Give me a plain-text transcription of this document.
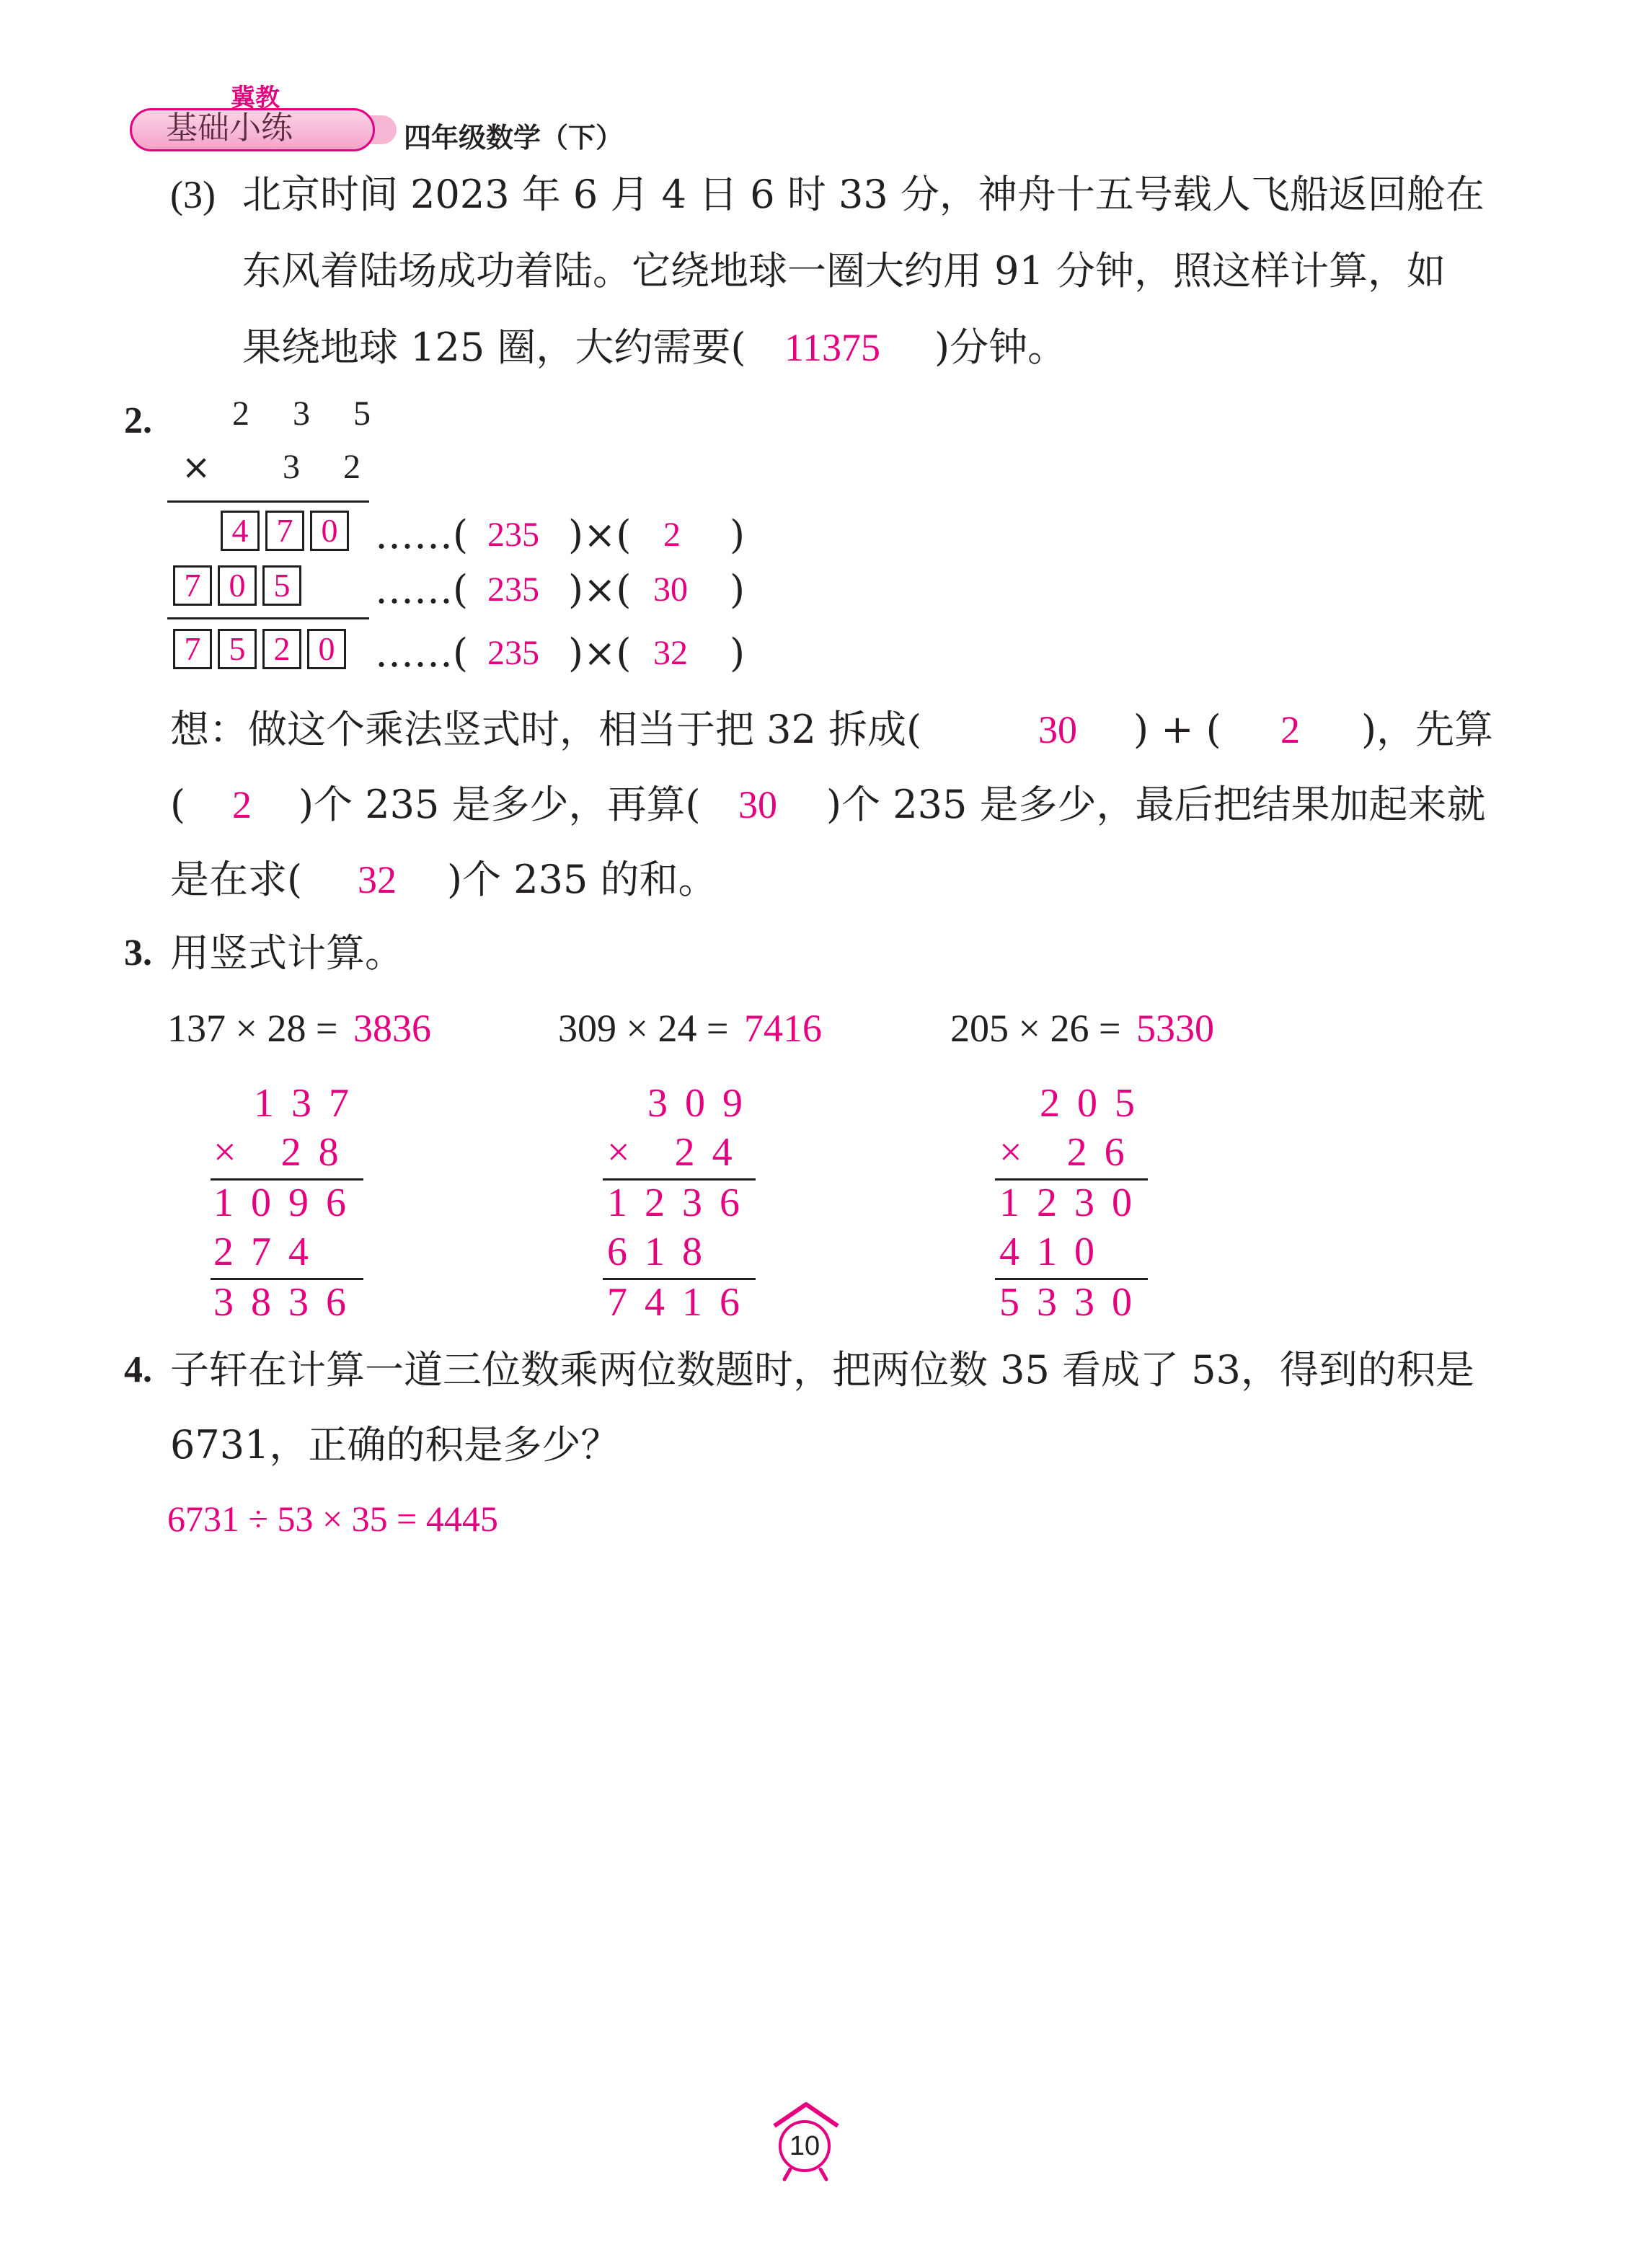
冀教
基础小练	四年级数学（下）
(3) 北京时间 2023 年 6 月 4 日 6 时 33 分，神舟十五号载人飞船返回舱在
东风着陆场成功着陆。它绕地球一圈大约用 91 分钟，照这样计算，如
果绕地球 125 圈，大约需要( 11375 )分钟。
2. 2 3 5
× 3 2
4 7 0 ……( 235 )×( 2 )
7 0 5	……( 235 )×( 30 )
7 5 2 0	……( 235 )×( 32 )
想：做这个乘法竖式时，相当于把 32 拆成(	30 ) + ( 2 )，先算
( 2 )个 235 是多少，再算( 30 )个 235 是多少，最后把结果加起来就
是在求( 32 )个 235 的和。
3. 用竖式计算。
137 × 28 = 3836
137
× 28
1096
274
3836
309 × 24 = 7416
309
× 24
1236
618
7416
205 × 26 = 5330
205
× 26
1230
410
5330
4. 子轩在计算一道三位数乘两位数题时，把两位数 35 看成了 53，得到的积是
6731，正确的积是多少？
6731 ÷ 53 × 35 = 4445
10
